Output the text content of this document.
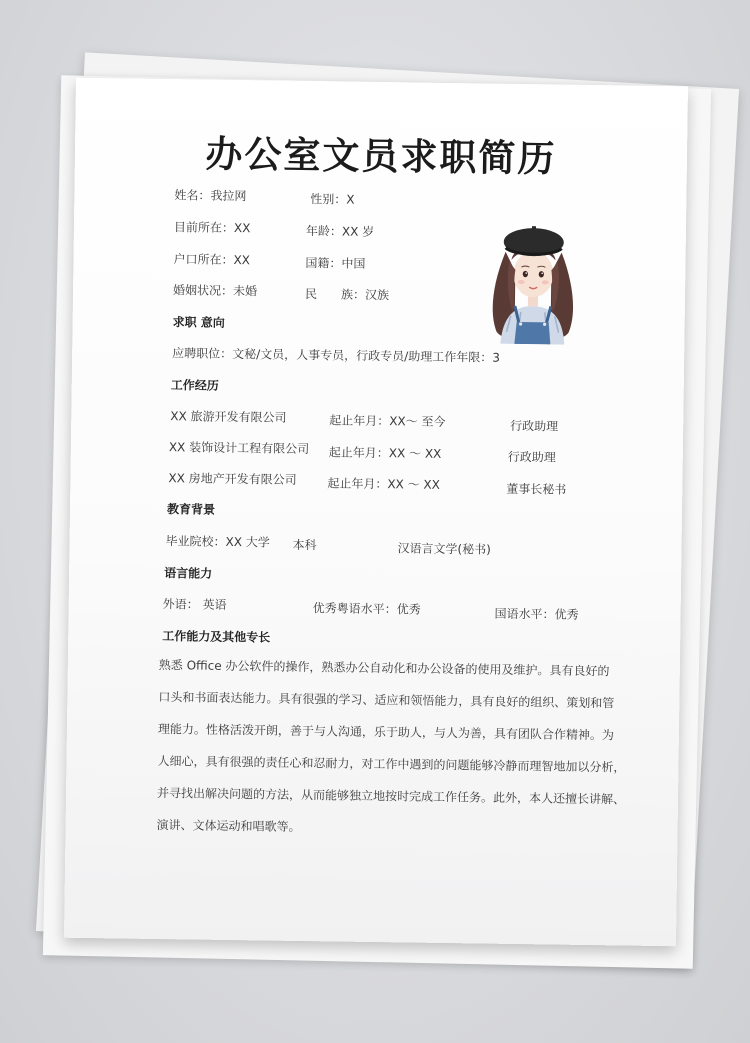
办公室文员求职简历
姓名：我拉网	性别：X
目前所在：XX	年龄：XX 岁
户口所在：XX	国籍：中国
婚姻状况：未婚	民　　族：汉族
求职 意向
应聘职位：文秘/文员，人事专员，行政专员/助理工作年限：3
工作经历
XX 旅游开发有限公司	起止年月：XX～ 至今	行政助理
XX 装饰设计工程有限公司 起止年月：XX ～ XX	行政助理
XX 房地产开发有限公司	起止年月：XX ～ XX	董事长秘书
教育背景
毕业院校：XX 大学 本科	汉语言文学(秘书)
语言能力
外语： 英语	优秀粤语水平：优秀	国语水平：优秀
工作能力及其他专长
熟悉 Office 办公软件的操作，熟悉办公自动化和办公设备的使用及维护。具有良好的
口头和书面表达能力。具有很强的学习、适应和领悟能力，具有良好的组织、策划和管
理能力。性格活泼开朗，善于与人沟通，乐于助人，与人为善，具有团队合作精神。为
人细心，具有很强的责任心和忍耐力，对工作中遇到的问题能够冷静而理智地加以分析，
并寻找出解决问题的方法，从而能够独立地按时完成工作任务。此外，本人还擅长讲解、
演讲、文体运动和唱歌等。
